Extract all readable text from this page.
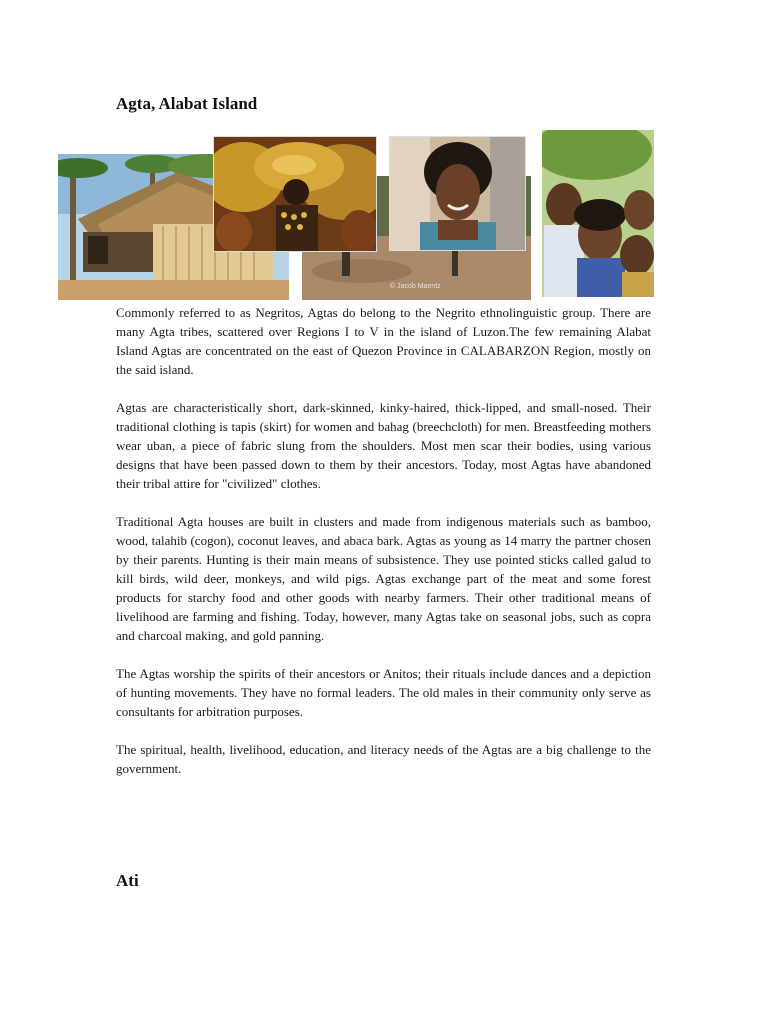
Agta, Alabat Island
© Jacob Maentz

Commonly referred to as Negritos, Agtas do belong to the Negrito ethnolinguistic group. There are many Agta tribes, scattered over Regions I to V in the island of Luzon.The few remaining Alabat Island Agtas are concentrated on the east of Quezon Province in CALABARZON Region, mostly on the said island.

Agtas are characteristically short, dark-skinned, kinky-haired, thick-lipped, and small-nosed. Their traditional clothing is tapis (skirt) for women and bahag (breechcloth) for men. Breastfeeding mothers wear uban, a piece of fabric slung from the shoulders. Most men scar their bodies, using various designs that have been passed down to them by their ancestors. Today, most Agtas have abandoned their tribal attire for "civilized" clothes.

Traditional Agta houses are built in clusters and made from indigenous materials such as bamboo, wood, talahib (cogon), coconut leaves, and abaca bark. Agtas as young as 14 marry the partner chosen by their parents. Hunting is their main means of subsistence. They use pointed sticks called galud to kill birds, wild deer, monkeys, and wild pigs. Agtas exchange part of the meat and some forest products for starchy food and other goods with nearby farmers. Their other traditional means of livelihood are farming and fishing. Today, however, many Agtas take on seasonal jobs, such as copra and charcoal making, and gold panning.

The Agtas worship the spirits of their ancestors or Anitos; their rituals include dances and a depiction of hunting movements. They have no formal leaders. The old males in their community only serve as consultants for arbitration purposes.

The spiritual, health, livelihood, education, and literacy needs of the Agtas are a big challenge to the government.

Ati
